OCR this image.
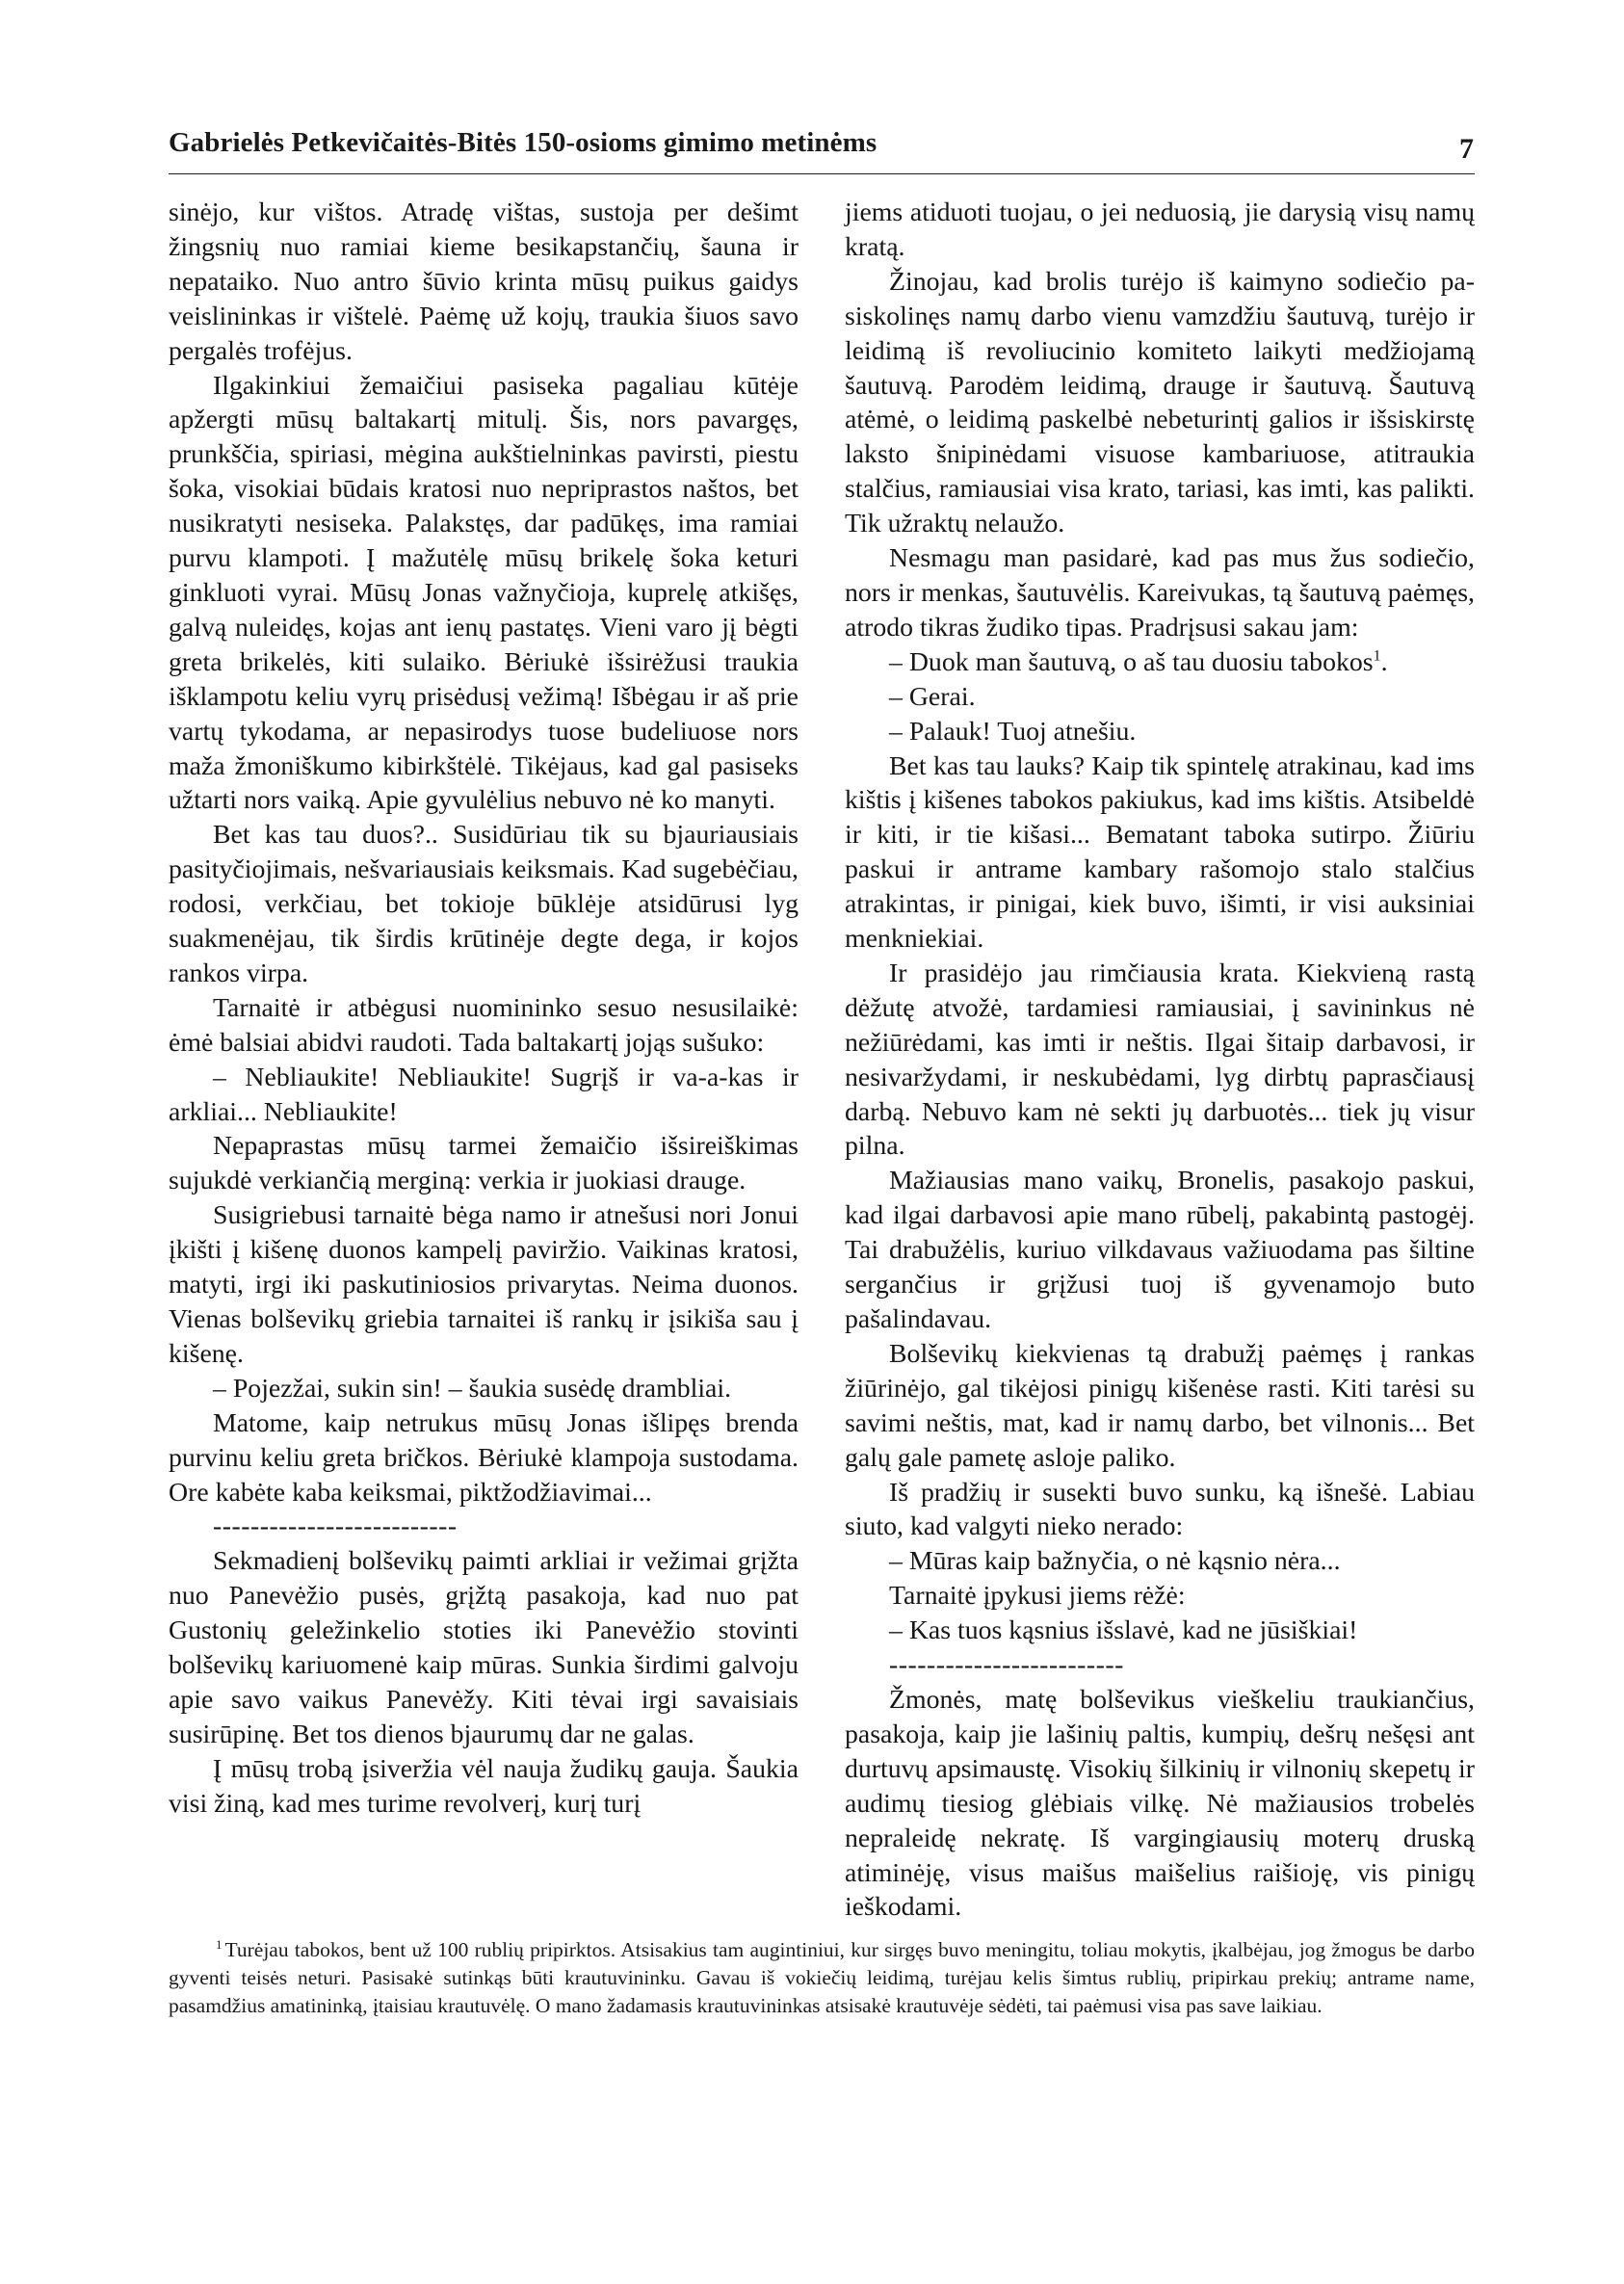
Gabrielės Petkevičaitės-Bitės 150-osioms gimimo metinėms	7

sinėjo, kur vištos. Atradę vištas, sustoja per dešimt žingsnių nuo ramiai kieme besikapstančių, šauna ir nepataiko. Nuo antro šūvio krinta mūsų puikus gaidys veislininkas ir vištelė. Paėmę už kojų, traukia šiuos savo pergalės trofėjus.

Ilgakinkiui žemaičiui pasiseka pagaliau kūtėje apžergti mūsų baltakartį mitulį. Šis, nors pavargęs, prunkščia, spiriasi, mėgina aukštielninkas pavirsti, piestu šoka, visokiai būdais kratosi nuo nepriprastos naštos, bet nusikratyti nesiseka. Palakstęs, dar padūkęs, ima ramiai purvu klampoti. Į mažutėlę mūsų brikelę šoka keturi ginkluoti vyrai. Mūsų Jonas važnyčioja, kuprelę atkišęs, galvą nuleidęs, kojas ant ienų pastatęs. Vieni varo jį bėgti greta brikelės, kiti sulaiko. Bėriukė išsirėžusi traukia išklampotu keliu vyrų prisėdusį vežimą! Išbėgau ir aš prie vartų tykodama, ar nepasirodys tuose budeliuose nors maža žmoniškumo kibirkštėlė. Tikėjaus, kad gal pasiseks užtarti nors vaiką. Apie gyvulėlius nebuvo nė ko manyti.

Bet kas tau duos?.. Susidūriau tik su bjauriausiais pasityčiojimais, nešvariausiais keiksmais. Kad sugebėčiau, rodosi, verkčiau, bet tokioje būklėje atsidūrusi lyg suakmenėjau, tik širdis krūtinėje degte dega, ir kojos rankos virpa.

Tarnaitė ir atbėgusi nuomininko sesuo nesusilaikė: ėmė balsiai abidvi raudoti. Tada baltakartį jojąs sušuko:

– Nebliaukite! Nebliaukite! Sugrįš ir va-a-kas ir arkliai... Nebliaukite!

Nepaprastas mūsų tarmei žemaičio išsireiškimas sujukdė verkiančią merginą: verkia ir juokiasi drauge.

Susigriebusi tarnaitė bėga namo ir atnešusi nori Jonui įkišti į kišenę duonos kampelį paviržio. Vaikinas kratosi, matyti, irgi iki paskutiniosios privarytas. Neima duonos. Vienas bolševikų griebia tarnaitei iš rankų ir įsikiša sau į kišenę.

– Pojezžai, sukin sin! – šaukia susėdę drambliai.

Matome, kaip netrukus mūsų Jonas išlipęs brenda purvinu keliu greta bričkos. Bėriukė klampoja sustodama. Ore kabėte kaba keiksmai, piktžodžiavimai...

--------------------------

Sekmadienį bolševikų paimti arkliai ir vežimai grįžta nuo Panevėžio pusės, grįžtą pasakoja, kad nuo pat Gustonių geležinkelio stoties iki Panevėžio stovinti bolševikų kariuomenė kaip mūras. Sunkia širdimi galvoju apie savo vaikus Panevėžy. Kiti tėvai irgi savaisiais susirūpinę. Bet tos dienos bjaurumų dar ne galas.

Į mūsų trobą įsiveržia vėl nauja žudikų gauja. Šaukia visi žiną, kad mes turime revolverį, kurį turį

jiems atiduoti tuojau, o jei neduosią, jie darysią visų namų kratą.

Žinojau, kad brolis turėjo iš kaimyno sodiečio pasiskolinęs namų darbo vienu vamzdžiu šautuvą, turėjo ir leidimą iš revoliucinio komiteto laikyti medžiojamą šautuvą. Parodėm leidimą, drauge ir šautuvą. Šautuvą atėmė, o leidimą paskelbė nebeturintį galios ir išsiskirstę laksto šnipinėdami visuose kambariuose, atitraukia stalčius, ramiausiai visa krato, tariasi, kas imti, kas palikti. Tik užraktų nelaužo.

Nesmagu man pasidarė, kad pas mus žus sodiečio, nors ir menkas, šautuvėlis. Kareivukas, tą šautuvą paėmęs, atrodo tikras žudiko tipas. Pradrįsusi sakau jam:

– Duok man šautuvą, o aš tau duosiu tabokos$^1$.

– Gerai.

– Palauk! Tuoj atnešiu.

Bet kas tau lauks? Kaip tik spintelę atrakinau, kad ims kištis į kišenes tabokos pakiukus, kad ims kištis. Atsibeldė ir kiti, ir tie kišasi... Bematant taboka sutirpo. Žiūriu paskui ir antrame kambary rašomojo stalo stalčius atrakintas, ir pinigai, kiek buvo, išimti, ir visi auksiniai menkniekiai.

Ir prasidėjo jau rimčiausia krata. Kiekvieną rastą dėžutę atvožė, tardamiesi ramiausiai, į savininkus nė nežiūrėdami, kas imti ir neštis. Ilgai šitaip darbavosi, ir nesivaržydami, ir neskubėdami, lyg dirbtų paprasčiausį darbą. Nebuvo kam nė sekti jų darbuotės... tiek jų visur pilna.

Mažiausias mano vaikų, Bronelis, pasakojo paskui, kad ilgai darbavosi apie mano rūbelį, pakabintą pastogėj. Tai drabužėlis, kuriuo vilkdavaus važiuodama pas šiltine sergančius ir grįžusi tuoj iš gyvenamojo buto pašalindavau.

Bolševikų kiekvienas tą drabužį paėmęs į rankas žiūrinėjo, gal tikėjosi pinigų kišenėse rasti. Kiti tarėsi su savimi neštis, mat, kad ir namų darbo, bet vilnonis... Bet galų gale pametę asloje paliko.

Iš pradžių ir susekti buvo sunku, ką išnešė. Labiau siuto, kad valgyti nieko nerado:

– Mūras kaip bažnyčia, o nė kąsnio nėra...

Tarnaitė įpykusi jiems rėžė:

– Kas tuos kąsnius išslavė, kad ne jūsiškiai!

-------------------------

Žmonės, matę bolševikus vieškeliu traukiančius, pasakoja, kaip jie lašinių paltis, kumpių, dešrų nešęsi ant durtuvų apsimaustę. Visokių šilkinių ir vilnonių skepetų ir audimų tiesiog glėbiais vilkę. Nė mažiausios trobelės nepraleidę nekratę. Iš vargingiausių moterų druską atiminėję, visus maišus maišelius raišioję, vis pinigų ieškodami.

$^1$ Turėjau tabokos, bent už 100 rublių pripirktos. Atsisakius tam augintiniui, kur sirgęs buvo meningitu, toliau mokytis, įkalbėjau, jog žmogus be darbo gyventi teisės neturi. Pasisakė sutinkąs būti krautuvininku. Gavau iš vokiečių leidimą, turėjau kelis šimtus rublių, pripirkau prekių; antrame name, pasamdžius amatininką, įtaisiau krautuvėlę. O mano žadamasis krautuvininkas atsisakė krautuvėje sėdėti, tai paėmusi visa pas save laikiau.
